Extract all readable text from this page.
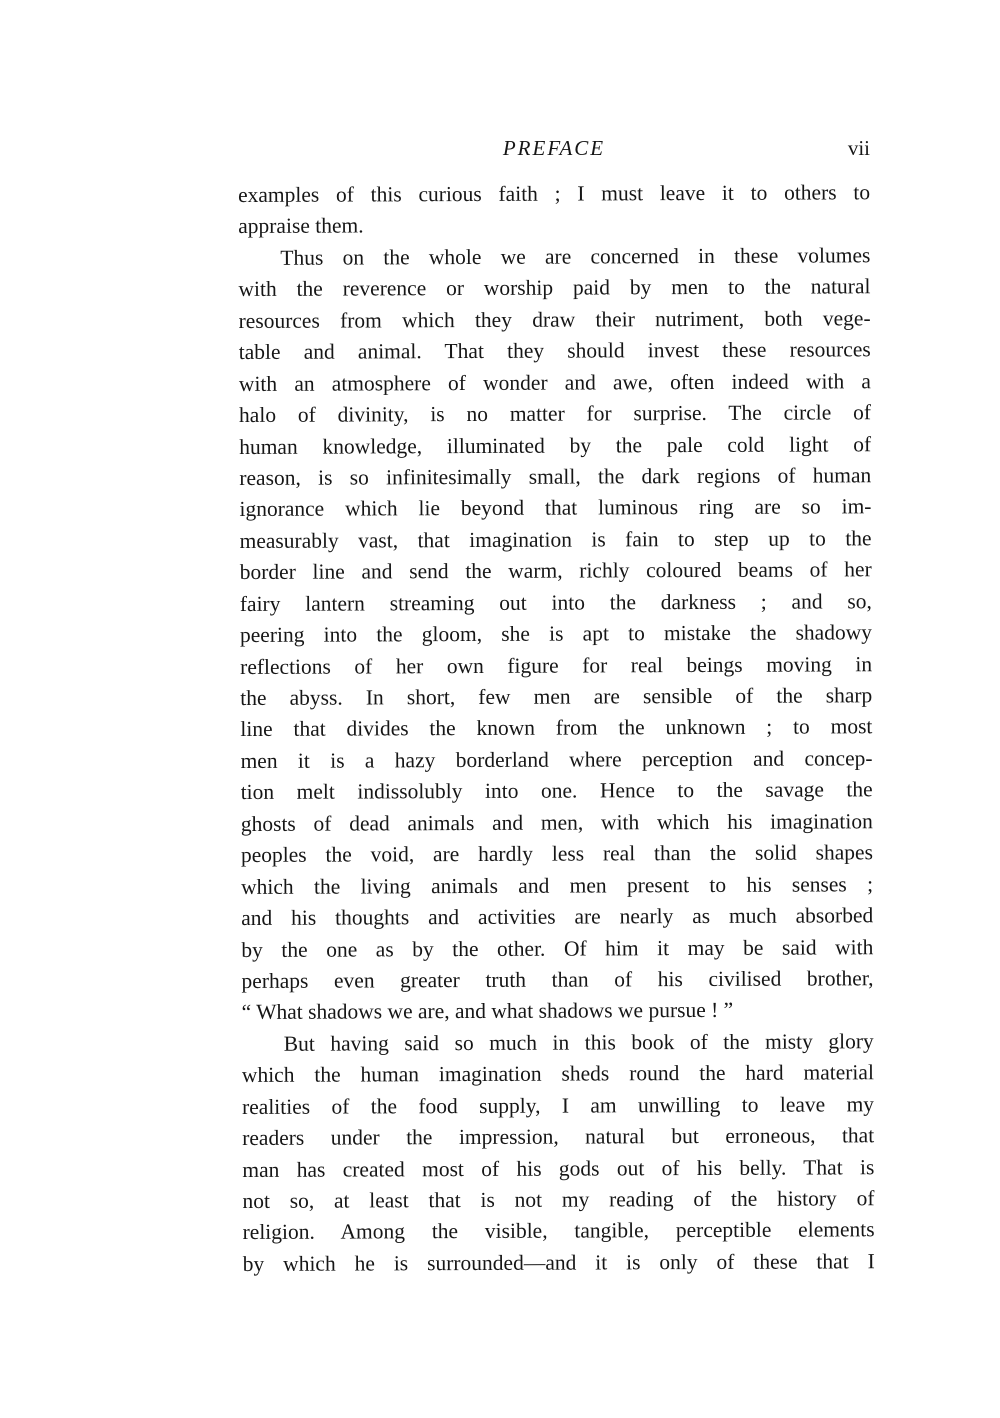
PREFACE	vii
examples of this curious faith ; I must leave it to others to
appraise them.
Thus on the whole we are concerned in these volumes
with the reverence or worship paid by men to the natural
resources from which they draw their nutriment, both vege-
table and animal. That they should invest these resources
with an atmosphere of wonder and awe, often indeed with a
halo of divinity, is no matter for surprise. The circle of
human knowledge, illuminated by the pale cold light of
reason, is so infinitesimally small, the dark regions of human
ignorance which lie beyond that luminous ring are so im-
measurably vast, that imagination is fain to step up to the
border line and send the warm, richly coloured beams of her
fairy lantern streaming out into the darkness ; and so,
peering into the gloom, she is apt to mistake the shadowy
reflections of her own figure for real beings moving in
the abyss. In short, few men are sensible of the sharp
line that divides the known from the unknown ; to most
men it is a hazy borderland where perception and concep-
tion melt indissolubly into one. Hence to the savage the
ghosts of dead animals and men, with which his imagination
peoples the void, are hardly less real than the solid shapes
which the living animals and men present to his senses ;
and his thoughts and activities are nearly as much absorbed
by the one as by the other. Of him it may be said with
perhaps even greater truth than of his civilised brother,
“ What shadows we are, and what shadows we pursue ! ”
But having said so much in this book of the misty glory
which the human imagination sheds round the hard material
realities of the food supply, I am unwilling to leave my
readers under the impression, natural but erroneous, that
man has created most of his gods out of his belly. That is
not so, at least that is not my reading of the history of
religion. Among the visible, tangible, perceptible elements
by which he is surrounded—and it is only of these that I
